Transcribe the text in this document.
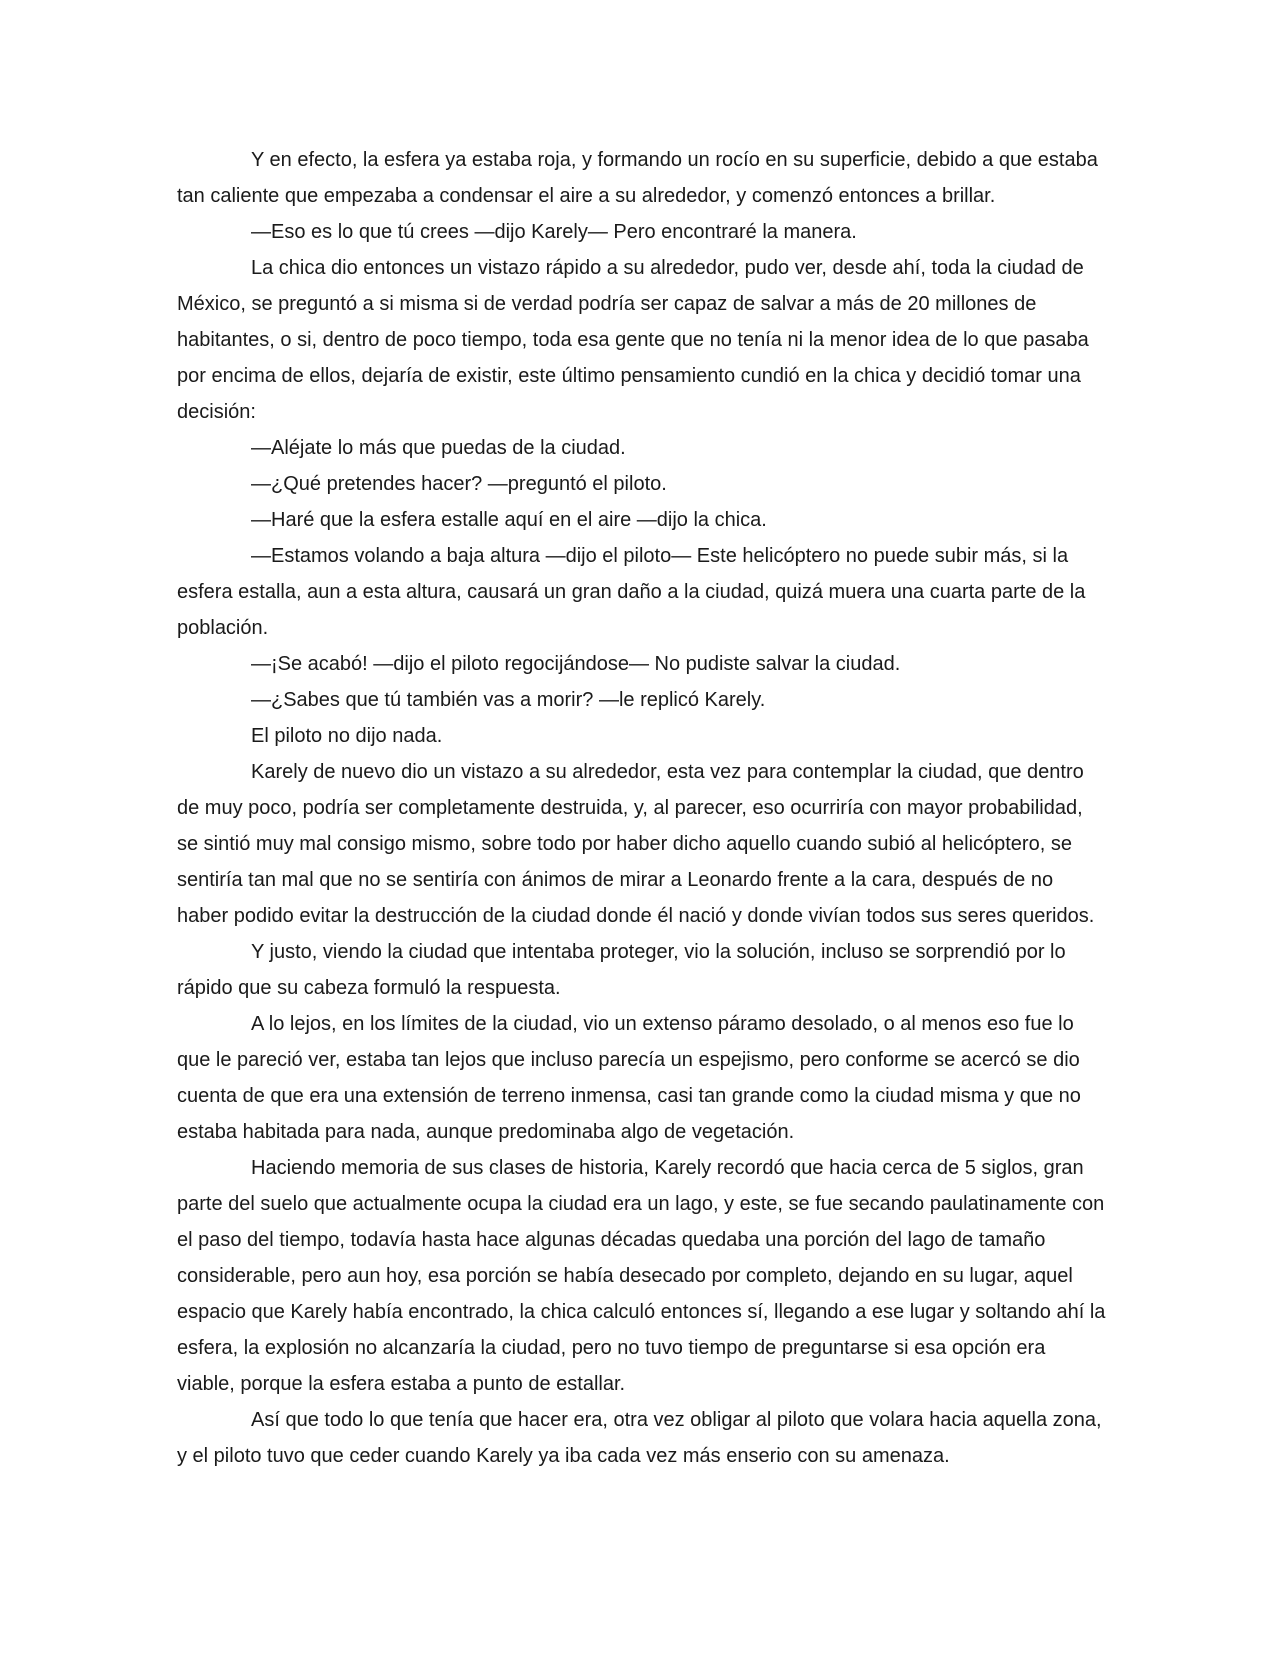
Y en efecto, la esfera ya estaba roja, y formando un rocío en su superficie, debido a que estaba tan caliente que empezaba a condensar el aire a su alrededor, y comenzó entonces a brillar.

—Eso es lo que tú crees —dijo Karely— Pero encontraré la manera.

La chica dio entonces un vistazo rápido a su alrededor, pudo ver, desde ahí, toda la ciudad de México, se preguntó a si misma si de verdad podría ser capaz de salvar a más de 20 millones de habitantes, o si, dentro de poco tiempo, toda esa gente que no tenía ni la menor idea de lo que pasaba por encima de ellos, dejaría de existir, este último pensamiento cundió en la chica y decidió tomar una decisión:

—Aléjate lo más que puedas de la ciudad.

—¿Qué pretendes hacer? —preguntó el piloto.

—Haré que la esfera estalle aquí en el aire —dijo la chica.

—Estamos volando a baja altura —dijo el piloto— Este helicóptero no puede subir más, si la esfera estalla, aun a esta altura, causará un gran daño a la ciudad, quizá muera una cuarta parte de la población.

—¡Se acabó! —dijo el piloto regocijándose— No pudiste salvar la ciudad.

—¿Sabes que tú también vas a morir? —le replicó Karely.

El piloto no dijo nada.

Karely de nuevo dio un vistazo a su alrededor, esta vez para contemplar la ciudad, que dentro de muy poco, podría ser completamente destruida, y, al parecer, eso ocurriría con mayor probabilidad, se sintió muy mal consigo mismo, sobre todo por haber dicho aquello cuando subió al helicóptero, se sentiría tan mal que no se sentiría con ánimos de mirar a Leonardo frente a la cara, después de no haber podido evitar la destrucción de la ciudad donde él nació y donde vivían todos sus seres queridos.

Y justo, viendo la ciudad que intentaba proteger, vio la solución, incluso se sorprendió por lo rápido que su cabeza formuló la respuesta.

A lo lejos, en los límites de la ciudad, vio un extenso páramo desolado, o al menos eso fue lo que le pareció ver, estaba tan lejos que incluso parecía un espejismo, pero conforme se acercó se dio cuenta de que era una extensión de terreno inmensa, casi tan grande como la ciudad misma y que no estaba habitada para nada, aunque predominaba algo de vegetación.

Haciendo memoria de sus clases de historia, Karely recordó que hacia cerca de 5 siglos, gran parte del suelo que actualmente ocupa la ciudad era un lago, y este, se fue secando paulatinamente con el paso del tiempo, todavía hasta hace algunas décadas quedaba una porción del lago de tamaño considerable, pero aun hoy, esa porción se había desecado por completo, dejando en su lugar, aquel espacio que Karely había encontrado, la chica calculó entonces sí, llegando a ese lugar y soltando ahí la esfera, la explosión no alcanzaría la ciudad, pero no tuvo tiempo de preguntarse si esa opción era viable, porque la esfera estaba a punto de estallar.

Así que todo lo que tenía que hacer era, otra vez obligar al piloto que volara hacia aquella zona, y el piloto tuvo que ceder cuando Karely ya iba cada vez más enserio con su amenaza.
